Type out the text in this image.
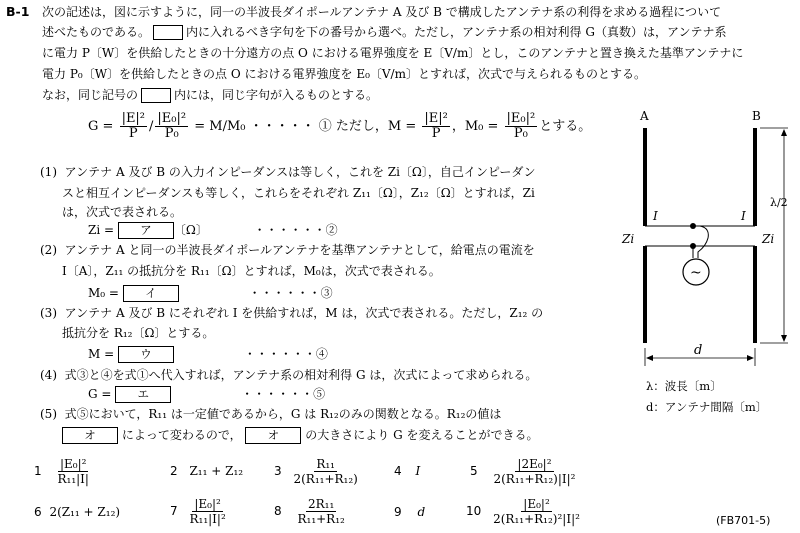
B-1 次の記述は，図に示すように，同一の半波長ダイポールアンテナ A 及び B で構成したアンテナ系の利得を求める過程について
述べたものである。	内に入れるべき字句を下の番号から選べ。ただし，アンテナ系の相対利得 G（真数）は，アンテナ系
に電力 P〔W〕を供給したときの十分遠方の点 O における電界強度を E〔V/m〕とし，このアンテナと置き換えた基準アンテナに
電力 P₀〔W〕を供給したときの点 O における電界強度を E₀〔V/m〕とすれば，次式で与えられるものとする。
なお，同じ記号の	内には，同じ字句が入るものとする。
$G = \frac{\text{|E|²}}{P} / \frac{\text{|E₀|²}}{\text{P₀}} = M/M_0$ ・・・・・ ① ただし，$M = \frac{\text{|E|²}}{P}$ ，$M_0 = \frac{\text{|E₀|²}}{\text{P₀}}$ とする。
(1) アンテナ A 及び B の入力インピーダンスは等しく，これを Zi〔Ω〕，自己インピーダン
スと相互インピーダンスも等しく，これらをそれぞれ Z₁₁〔Ω〕，Z₁₂〔Ω〕とすれば，Zi
は，次式で表される。
Zi = ア 〔Ω〕	・・・・・・②
(2) アンテナ A と同一の半波長ダイポールアンテナを基準アンテナとして，給電点の電流を
I〔A〕，Z₁₁ の抵抗分を R₁₁〔Ω〕とすれば，M₀は，次式で表される。
M₀ = イ	・・・・・・③
(3) アンテナ A 及び B にそれぞれ I を供給すれば，M は，次式で表される。ただし，Z₁₂ の
抵抗分を R₁₂〔Ω〕とする。
M = ウ	・・・・・・④
(4) 式③と④を式①へ代入すれば，アンテナ系の相対利得 G は，次式によって求められる。
G = エ	・・・・・・⑤
(5) 式⑤において，R₁₁ は一定値であるから，G は R₁₂のみの関数となる。R₁₂の値は
オ によって変わるので， オ の大きさにより G を変えることができる。
$1 \frac{\text{|E₀|²}}{\text{R₁₁|I|}}$	2 Z₁₁ + Z₁₂	$3 \frac{\text{R₁₁}}{\text{2(R₁₁+R₁₂)}}$	4 I	$5 \frac{\text{|2E₀|²}}{\text{2(R₁₁+R₁₂)|I|²}}$
6 2(Z₁₁ + Z₁₂)	$7 \frac{\text{|E₀|²}}{\text{R₁₁|I|²}}$	$8 \frac{\text{2R₁₁}}{\text{R₁₁+R₁₂}}$	9 d	$10 \frac{\text{|E₀|²}}{\text{2(R₁₁+R₁₂)²|I|²}}$	(FB701-5)
A	B
~
I	I
Zi	Zi
λ/2
d
λ：波長〔m〕
d：アンテナ間隔〔m〕
